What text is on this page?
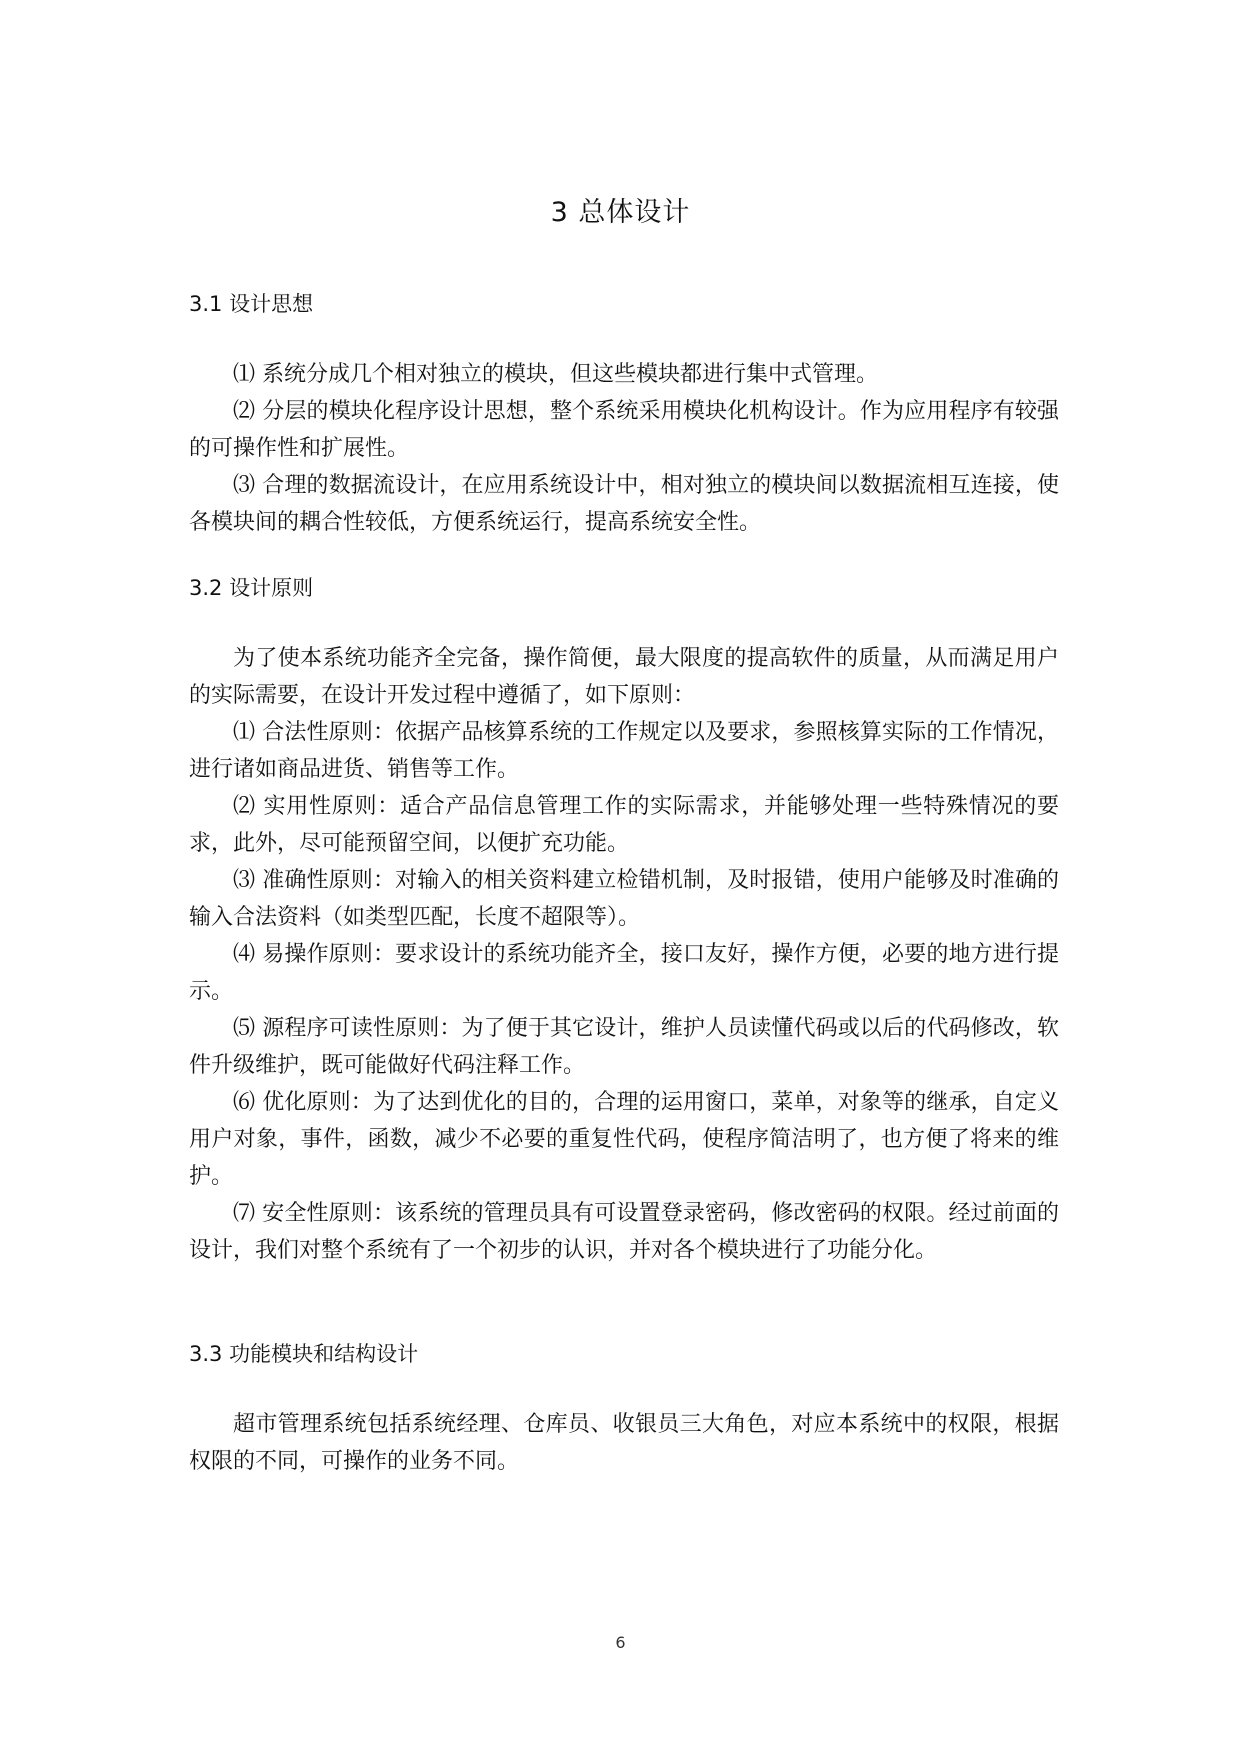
3 总体设计
3.1 设计思想

⑴ 系统分成几个相对独立的模块，但这些模块都进行集中式管理。

⑵ 分层的模块化程序设计思想，整个系统采用模块化机构设计。作为应用程序有较强的可操作性和扩展性。

⑶ 合理的数据流设计，在应用系统设计中，相对独立的模块间以数据流相互连接，使各模块间的耦合性较低，方便系统运行，提高系统安全性。

3.2 设计原则

为了使本系统功能齐全完备，操作简便，最大限度的提高软件的质量，从而满足用户的实际需要，在设计开发过程中遵循了，如下原则：

⑴ 合法性原则：依据产品核算系统的工作规定以及要求，参照核算实际的工作情况，进行诸如商品进货、销售等工作。

⑵ 实用性原则：适合产品信息管理工作的实际需求，并能够处理一些特殊情况的要求，此外，尽可能预留空间，以便扩充功能。

⑶ 准确性原则：对输入的相关资料建立检错机制，及时报错，使用户能够及时准确的输入合法资料（如类型匹配，长度不超限等）。

⑷ 易操作原则：要求设计的系统功能齐全，接口友好，操作方便，必要的地方进行提示。

⑸ 源程序可读性原则：为了便于其它设计，维护人员读懂代码或以后的代码修改，软件升级维护，既可能做好代码注释工作。

⑹ 优化原则：为了达到优化的目的，合理的运用窗口，菜单，对象等的继承，自定义用户对象，事件，函数，减少不必要的重复性代码，使程序简洁明了，也方便了将来的维护。

⑺ 安全性原则：该系统的管理员具有可设置登录密码，修改密码的权限。经过前面的设计，我们对整个系统有了一个初步的认识，并对各个模块进行了功能分化。

3.3 功能模块和结构设计

超市管理系统包括系统经理、仓库员、收银员三大角色，对应本系统中的权限，根据权限的不同，可操作的业务不同。

6
